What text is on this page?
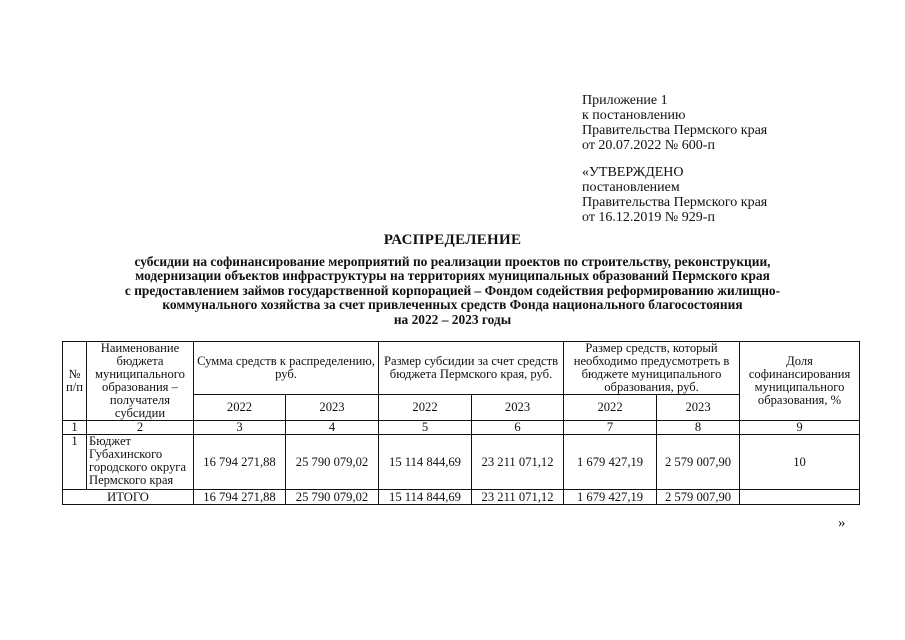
Приложение 1
к постановлению
Правительства Пермского края
от 20.07.2022 № 600-п
«УТВЕРЖДЕНО
постановлением
Правительства Пермского края
от 16.12.2019 № 929-п
РАСПРЕДЕЛЕНИЕ
субсидии на софинансирование мероприятий по реализации проектов по строительству, реконструкции,
модернизации объектов инфраструктуры на территориях муниципальных образований Пермского края
с предоставлением займов государственной корпорацией – Фондом содействия реформированию жилищно-
коммунального хозяйства за счет привлеченных средств Фонда национального благосостояния
на 2022 – 2023 годы
№ п/п	Наименование бюджета муниципального образования – получателя субсидии	Сумма средств к распределению, руб.		Размер субсидии за счет средств бюджета Пермского края, руб.		Размер средств, который необходимо предусмотреть в бюджете муниципального образования, руб.		Доля софинансирования муниципального образования, %
		2022	2023	2022	2023	2022	2023	
1	2	3	4	5	6	7	8	9
1	Бюджет Губахинского городского округа Пермского края	16 794 271,88	25 790 079,02	15 114 844,69	23 211 071,12	1 679 427,19	2 579 007,90	10
ИТОГО		16 794 271,88	25 790 079,02	15 114 844,69	23 211 071,12	1 679 427,19	2 579 007,90	
»
